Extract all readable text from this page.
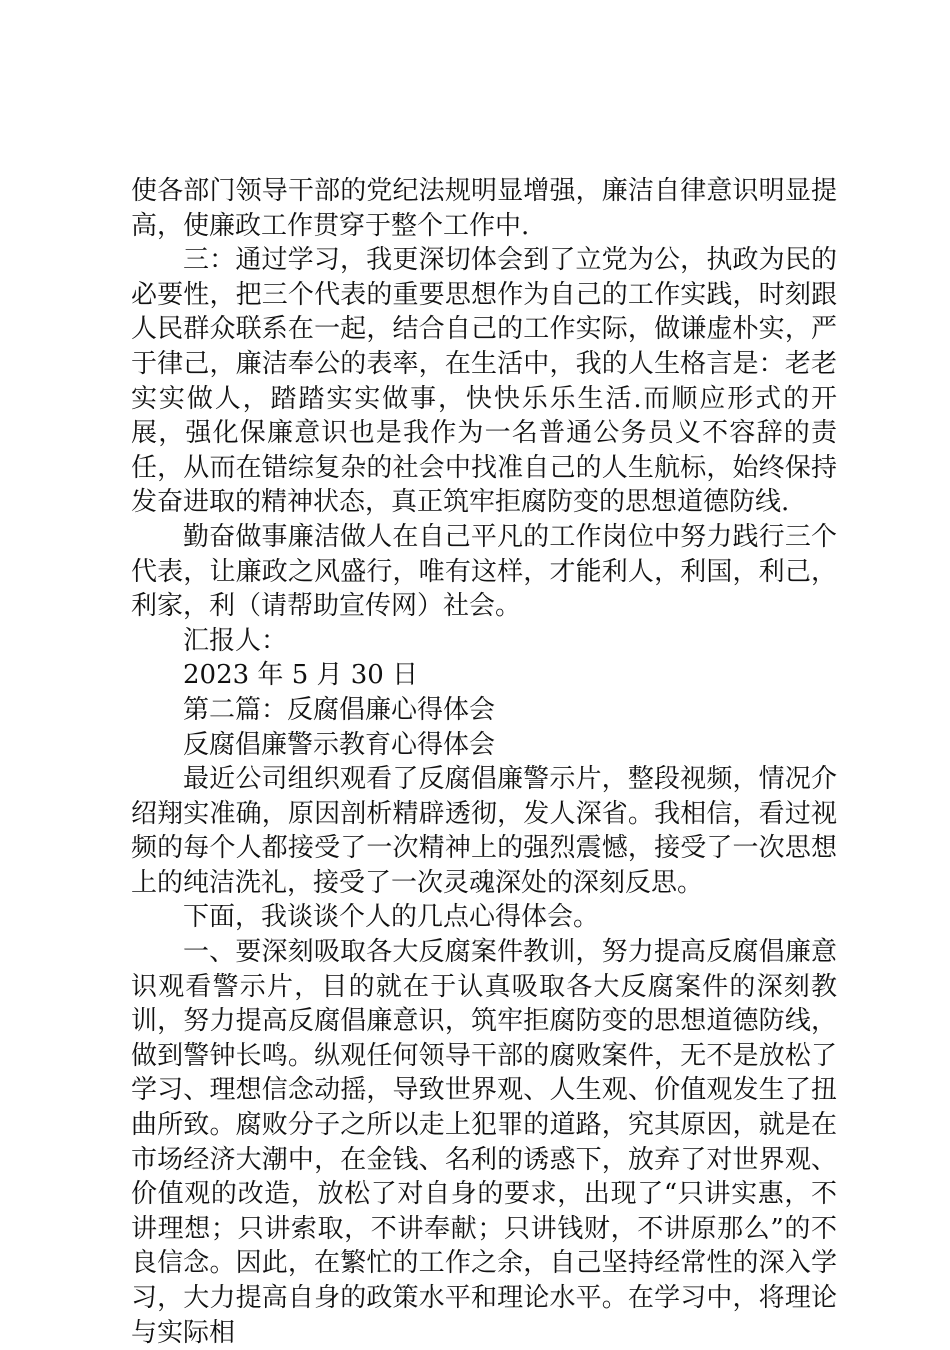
使各部门领导干部的党纪法规明显增强，廉洁自律意识明显提高，使廉政工作贯穿于整个工作中.

三：通过学习，我更深切体会到了立党为公，执政为民的必要性，把三个代表的重要思想作为自己的工作实践，时刻跟人民群众联系在一起，结合自己的工作实际，做谦虚朴实，严于律己，廉洁奉公的表率，在生活中，我的人生格言是：老老实实做人，踏踏实实做事，快快乐乐生活.而顺应形式的开展，强化保廉意识也是我作为一名普通公务员义不容辞的责任，从而在错综复杂的社会中找准自己的人生航标，始终保持发奋进取的精神状态，真正筑牢拒腐防变的思想道德防线.

勤奋做事廉洁做人在自己平凡的工作岗位中努力践行三个代表，让廉政之风盛行，唯有这样，才能利人，利国，利己，利家，利（请帮助宣传网）社会。

汇报人：

2023 年 5 月 30 日

第二篇：反腐倡廉心得体会

反腐倡廉警示教育心得体会

最近公司组织观看了反腐倡廉警示片，整段视频，情况介绍翔实准确，原因剖析精辟透彻，发人深省。我相信，看过视频的每个人都接受了一次精神上的强烈震憾，接受了一次思想上的纯洁洗礼，接受了一次灵魂深处的深刻反思。

下面，我谈谈个人的几点心得体会。

一、要深刻吸取各大反腐案件教训，努力提高反腐倡廉意识观看警示片，目的就在于认真吸取各大反腐案件的深刻教训，努力提高反腐倡廉意识，筑牢拒腐防变的思想道德防线，做到警钟长鸣。纵观任何领导干部的腐败案件，无不是放松了学习、理想信念动摇，导致世界观、人生观、价值观发生了扭曲所致。腐败分子之所以走上犯罪的道路，究其原因，就是在市场经济大潮中，在金钱、名利的诱惑下，放弃了对世界观、价值观的改造，放松了对自身的要求，出现了“只讲实惠，不讲理想；只讲索取，不讲奉献；只讲钱财，不讲原那么”的不良信念。因此，在繁忙的工作之余，自己坚持经常性的深入学习，大力提高自身的政策水平和理论水平。在学习中，将理论与实际相
